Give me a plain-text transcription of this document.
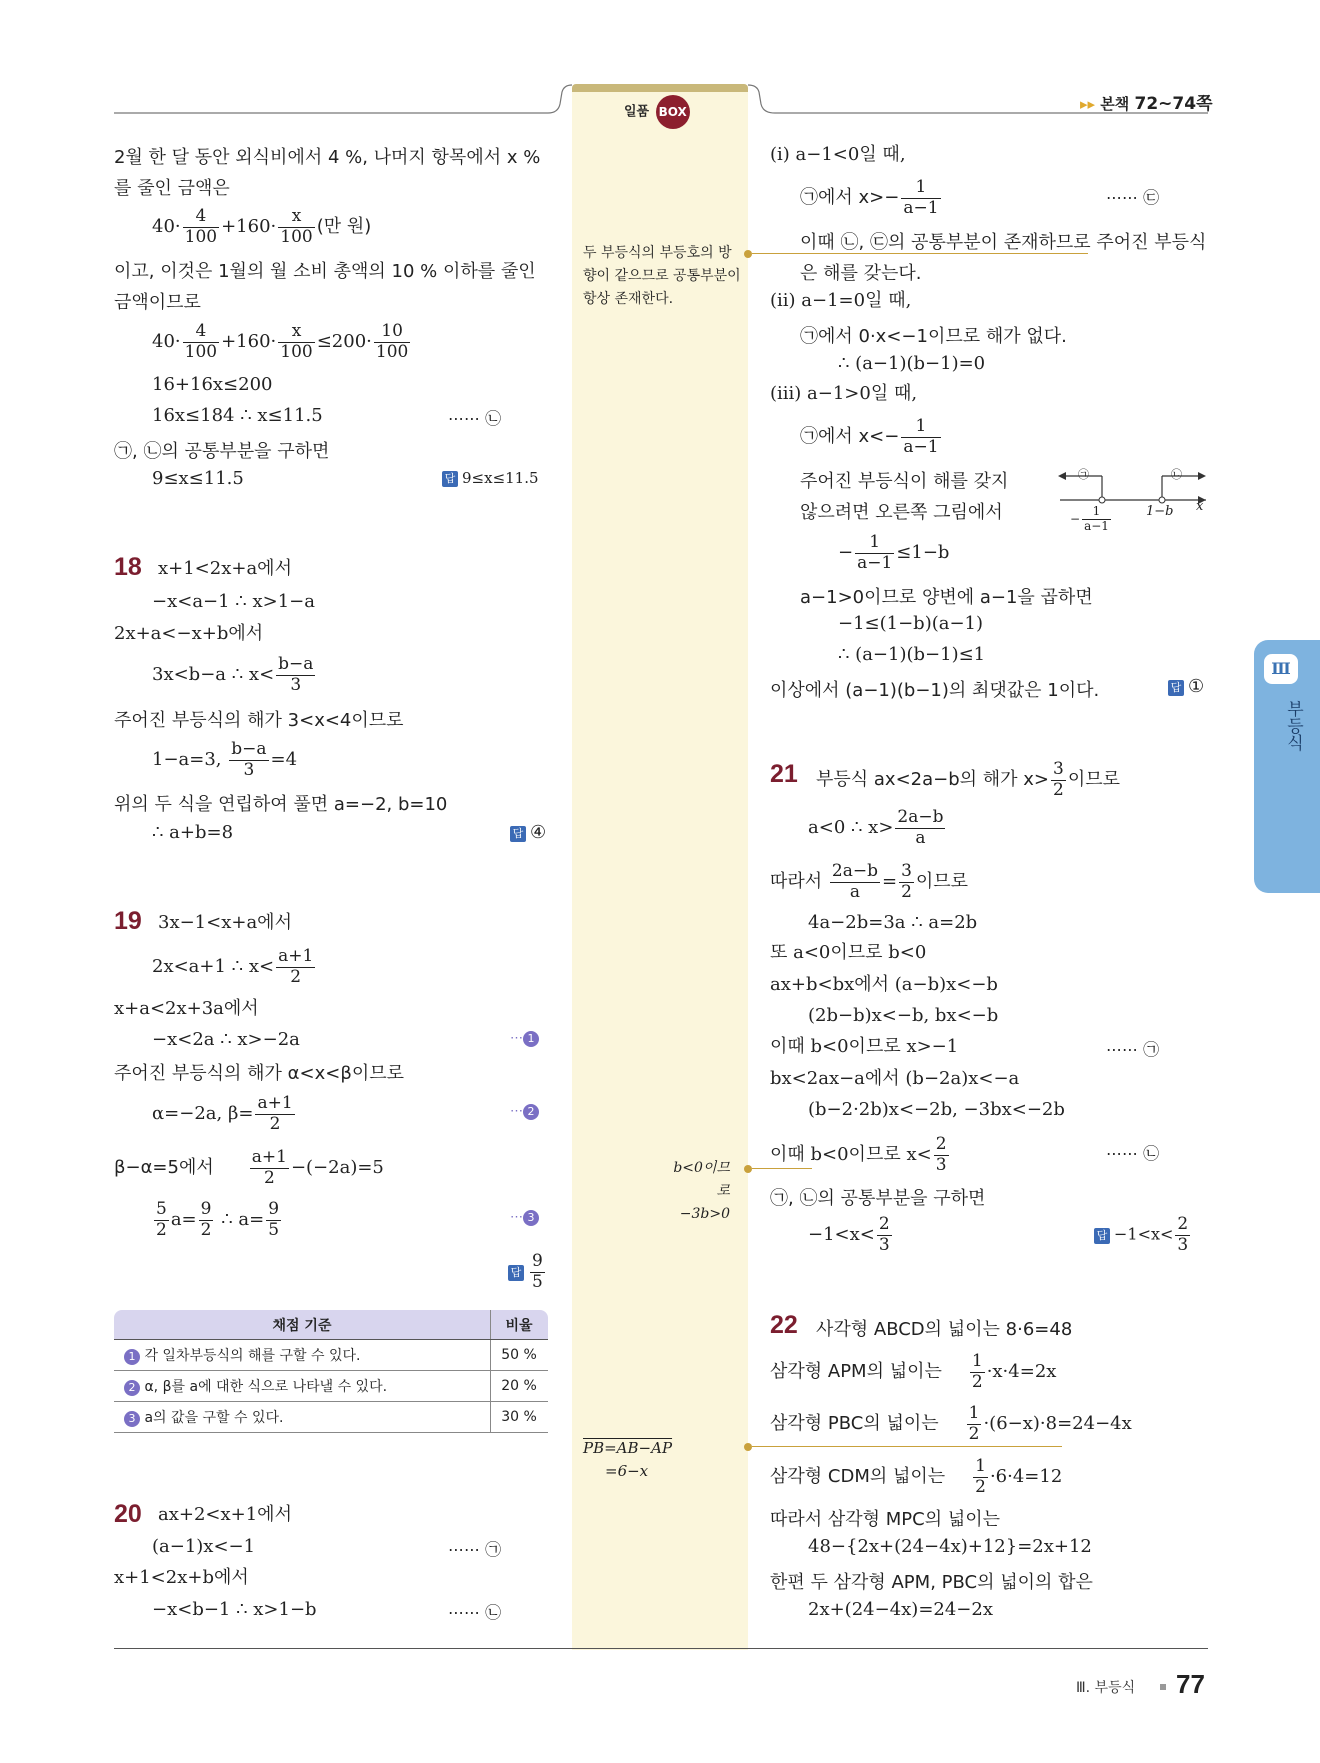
일품 BOX	▸▸ 본책 72~74쪽
Ⅲ
부등식
Ⅲ. 부등식 77
두 부등식의 부등호의 방
향이 같으므로 공통부분이
항상 존재한다.
b<0이므로
−3b>0
PB=AB−AP
=6−x
2월 한 달 동안 외식비에서 4 %, 나머지 항목에서 x %
를 줄인 금액은
$40\cdot \frac{4}{100} +160\cdot \frac{x}{100}$ (만 원)
이고, 이것은 1월의 월 소비 총액의 10 % 이하를 줄인
금액이므로
$40\cdot \frac{4}{100} +160\cdot \frac{x}{100} \le 200\cdot \frac{10}{100}$
16+16x≤200
16x≤184 ∴ x≤11.5	⋯⋯ ㉡
㉠, ㉡의 공통부분을 구하면
9≤x≤11.5	답 9≤x≤11.5
18 x+1<2x+a에서
−x<a−1 ∴ x>1−a
2x+a<−x+b에서
3x<b−a ∴ $x< \frac{b-a}{3}$
주어진 부등식의 해가 3<x<4이므로
1−a=3, $\frac{b-a}{3} =4$
위의 두 식을 연립하여 풀면 a=−2, b=10
∴ a+b=8	답 ④
19 3x−1<x+a에서
2x<a+1 ∴ $x< \frac{a+1}{2}$
x+a<2x+3a에서
−x<2a ∴ x>−2a	⋯ 1
주어진 부등식의 해가 α<x<β이므로
α=−2a, $\beta= \frac{a+1}{2}$	⋯ 2
β−α=5에서 $\frac{a+1}{2} -(-2a)=5$
$\frac{5}{2} a= \frac{9}{2}$ ∴ $a= \frac{9}{5}$	⋯ 3
답 $\frac{9}{5}$
채점 기준	비율
1 각 일차부등식의 해를 구할 수 있다.	50 %
2 α, β를 a에 대한 식으로 나타낼 수 있다.	20 %
3 a의 값을 구할 수 있다.	30 %
20 ax+2<x+1에서
(a−1)x<−1	⋯⋯ ㉠
x+1<2x+b에서
−x<b−1 ∴ x>1−b	⋯⋯ ㉡
(ⅰ) a−1<0일 때,
㉠에서 $x>- \frac{1}{a-1}$	⋯⋯ ㉢
이때 ㉡, ㉢의 공통부분이 존재하므로 주어진 부등식
은 해를 갖는다.
(ⅱ) a−1=0일 때,
㉠에서 0·x<−1이므로 해가 없다.
∴ (a−1)(b−1)=0
(ⅲ) a−1>0일 때,
㉠에서 $x<- \frac{1}{a-1}$
주어진 부등식이 해를 갖지
않으려면 오른쪽 그림에서
㉠	㉡
− $\frac{1}{a-1}$	1−b x
− $\frac{1}{a-1} \le 1-b$
a−1>0이므로 양변에 a−1을 곱하면
−1≤(1−b)(a−1)
∴ (a−1)(b−1)≤1
이상에서 (a−1)(b−1)의 최댓값은 1이다.	답 ①
21 부등식 ax<2a−b의 해가 $x> \frac{3}{2}$ 이므로
a<0 ∴ $x> \frac{2a-b}{a}$
따라서 $\frac{2a-b}{a} = \frac{3}{2}$ 이므로
4a−2b=3a ∴ a=2b
또 a<0이므로 b<0
ax+b<bx에서 (a−b)x<−b
(2b−b)x<−b, bx<−b
이때 b<0이므로 x>−1	⋯⋯ ㉠
bx<2ax−a에서 (b−2a)x<−a
(b−2·2b)x<−2b, −3bx<−2b
이때 b<0이므로 $x< \frac{2}{3}$	⋯⋯ ㉡
㉠, ㉡의 공통부분을 구하면
$-1<x< \frac{2}{3}$	답 $-1<x< \frac{2}{3}$
22 사각형 ABCD의 넓이는 8·6=48
삼각형 APM의 넓이는 $\frac{1}{2} \cdot x\cdot 4=2x$
삼각형 PBC의 넓이는 $\frac{1}{2} \cdot(6-x)\cdot 8=24-4x$
삼각형 CDM의 넓이는 $\frac{1}{2} \cdot 6\cdot 4=12$
따라서 삼각형 MPC의 넓이는
48−{2x+(24−4x)+12}=2x+12
한편 두 삼각형 APM, PBC의 넓이의 합은
2x+(24−4x)=24−2x
